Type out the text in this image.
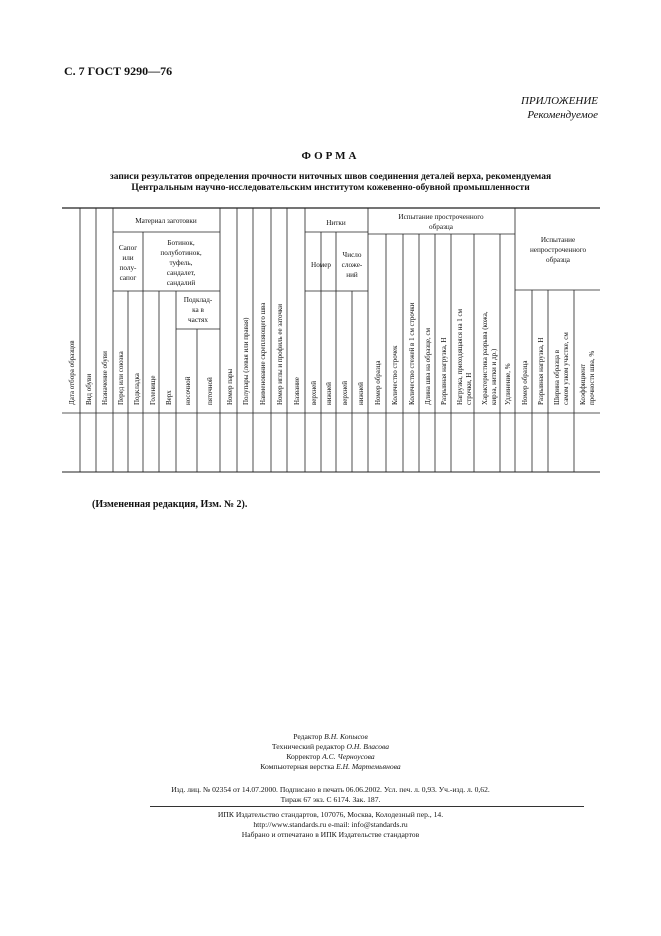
С. 7 ГОСТ 9290—76
ПРИЛОЖЕНИЕ
Рекомендуемое
ФОРМА
записи результатов определения прочности ниточных швов соединения деталей верха, рекомендуемая
Центральным научно-исследовательским институтом кожевенно-обувной промышленности
Материал заготовки	Нитки
Испытание простроченного
образца
Испытание
непростроченного
образца
Сапог
или
полу-
сапог
Ботинок,
полуботинок,
туфель,
сандалет,
сандалий
Подклад-
ка в
частях
Номер
Число
сложе-
ний
Дата отбора образцов Вид обуви Назначение обуви Перед или союзка Подкладка Голенище Верх носочной пяточной Номер пары Полупары (левая или правая) Наименование скрепляющего шва Номер иглы и профиль ее заточки Название верхней нижней верхней нижней Номер образца Количество строчек Количество стежей в 1 см строчки Длина шва на образце, см Разрывная нагрузка, Н Нагрузка, приходящаяся на 1 см строчки, Н Характеристика разрыва (кожа, кирза, нитки и др.) Удлинение, % Номер образца Разрывная нагрузка, Н Ширина образца в самом узком участке, см Коэффициент прочности шва, %
(Измененная редакция, Изм. № 2).
Редактор В.Н. Копысов
Технический редактор О.Н. Власова
Корректор А.С. Черноусова
Компьютерная верстка Е.Н. Мартемьянова
Изд. лиц. № 02354 от 14.07.2000. Подписано в печать 06.06.2002. Усл. печ. л. 0,93. Уч.-изд. л. 0,62.
Тираж 67 экз. С 6174. Зак. 187.
ИПК Издательство стандартов, 107076, Москва, Колодезный пер., 14.
http://www.standards.ru e-mail: info@standards.ru
Набрано и отпечатано в ИПК Издательстве стандартов
